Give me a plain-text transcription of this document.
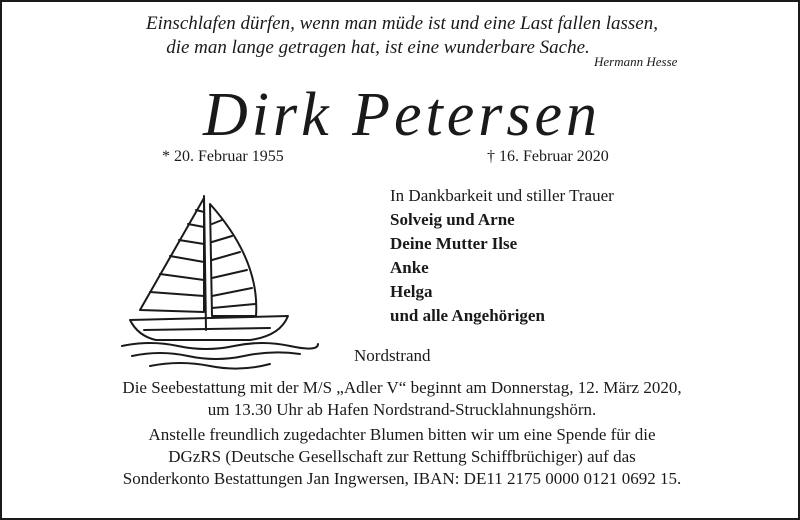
Einschlafen dürfen, wenn man müde ist und eine Last fallen lassen,
die man lange getragen hat, ist eine wunderbare Sache.
Hermann Hesse
Dirk Petersen
* 20. Februar 1955	† 16. Februar 2020
In Dankbarkeit und stiller Trauer
Solveig und Arne
Deine Mutter Ilse
Anke
Helga
und alle Angehörigen
Nordstrand
Die Seebestattung mit der M/S „Adler V“ beginnt am Donnerstag, 12. März 2020,
um 13.30 Uhr ab Hafen Nordstrand-Strucklahnungshörn.
Anstelle freundlich zugedachter Blumen bitten wir um eine Spende für die
DGzRS (Deutsche Gesellschaft zur Rettung Schiffbrüchiger) auf das
Sonderkonto Bestattungen Jan Ingwersen, IBAN: DE11 2175 0000 0121 0692 15.
